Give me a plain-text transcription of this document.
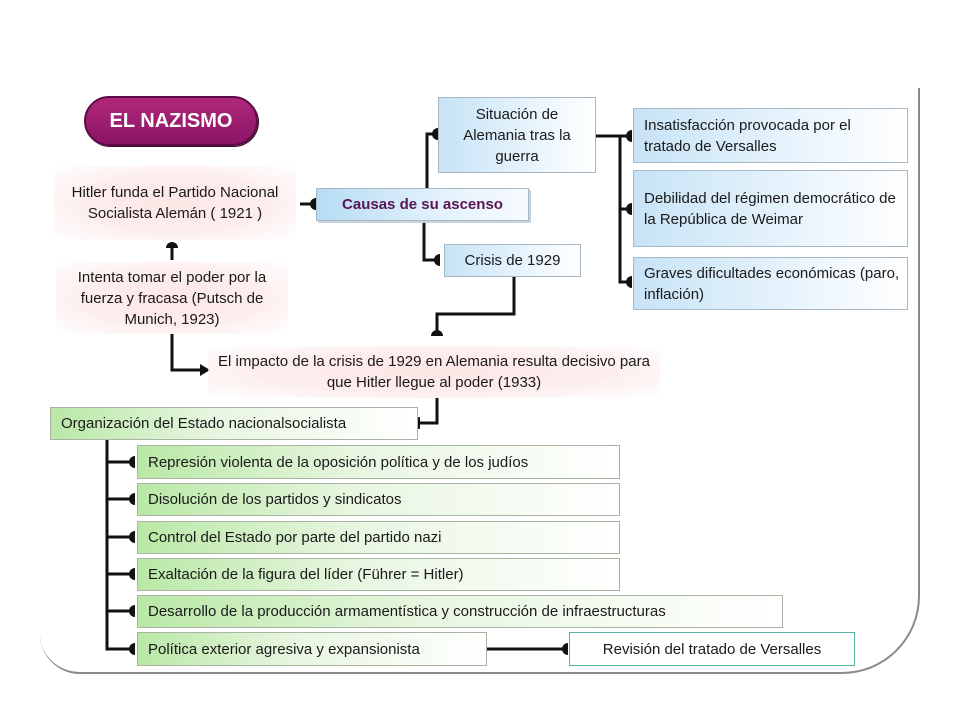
EL NAZISMO
Causas de su ascenso
Situación de Alemania tras la guerra
Crisis de 1929
Insatisfacción provocada por el tratado de Versalles
Debilidad del régimen democrático de la República de Weimar
Graves dificultades económicas (paro, inflación)
Hitler funda el Partido Nacional Socialista Alemán ( 1921 )
Intenta tomar el poder por la fuerza y fracasa (Putsch de Munich, 1923)
El impacto de la crisis de 1929 en Alemania resulta decisivo para que Hitler llegue al poder (1933)
Organización del Estado nacionalsocialista
Represión violenta de la oposición política y de los judíos
Disolución de los partidos y sindicatos
Control del Estado por parte del partido nazi
Exaltación de la figura del líder (Führer = Hitler)
Desarrollo de la producción armamentística y construcción de infraestructuras
Política exterior agresiva y expansionista	Revisión del tratado de Versalles
